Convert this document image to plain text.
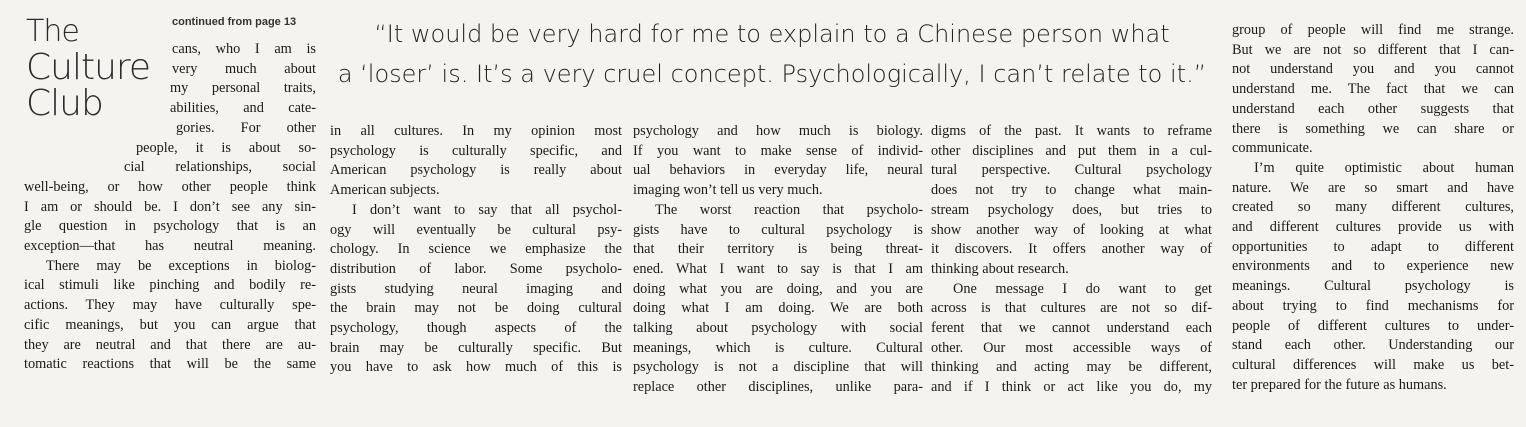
The
Culture
Club
continued from page 13	“It would be very hard for me to explain to a Chinese person what
a ‘loser’ is. It’s a very cruel concept. Psychologically, I can’t relate to it.”
cans, who I am is
very much about
my personal traits,
abilities, and cate-
gories. For other
people, it is about so-
cial relationships, social
well-being, or how other people think
I am or should be. I don’t see any sin-
gle question in psychology that is an
exception—that has neutral meaning.
There may be exceptions in biolog-
ical stimuli like pinching and bodily re-
actions. They may have culturally spe-
cific meanings, but you can argue that
they are neutral and that there are au-
tomatic reactions that will be the same
in all cultures. In my opinion most
psychology is culturally specific, and
American psychology is really about
American subjects.
I don’t want to say that all psychol-
ogy will eventually be cultural psy-
chology. In science we emphasize the
distribution of labor. Some psycholo-
gists studying neural imaging and
the brain may not be doing cultural
psychology, though aspects of the
brain may be culturally specific. But
you have to ask how much of this is
psychology and how much is biology.
If you want to make sense of individ-
ual behaviors in everyday life, neural
imaging won’t tell us very much.
The worst reaction that psycholo-
gists have to cultural psychology is
that their territory is being threat-
ened. What I want to say is that I am
doing what you are doing, and you are
doing what I am doing. We are both
talking about psychology with social
meanings, which is culture. Cultural
psychology is not a discipline that will
replace other disciplines, unlike para-
digms of the past. It wants to reframe
other disciplines and put them in a cul-
tural perspective. Cultural psychology
does not try to change what main-
stream psychology does, but tries to
show another way of looking at what
it discovers. It offers another way of
thinking about research.
One message I do want to get
across is that cultures are not so dif-
ferent that we cannot understand each
other. Our most accessible ways of
thinking and acting may be different,
and if I think or act like you do, my
group of people will find me strange.
But we are not so different that I can-
not understand you and you cannot
understand me. The fact that we can
understand each other suggests that
there is something we can share or
communicate.
I’m quite optimistic about human
nature. We are so smart and have
created so many different cultures,
and different cultures provide us with
opportunities to adapt to different
environments and to experience new
meanings. Cultural psychology is
about trying to find mechanisms for
people of different cultures to under-
stand each other. Understanding our
cultural differences will make us bet-
ter prepared for the future as humans.
